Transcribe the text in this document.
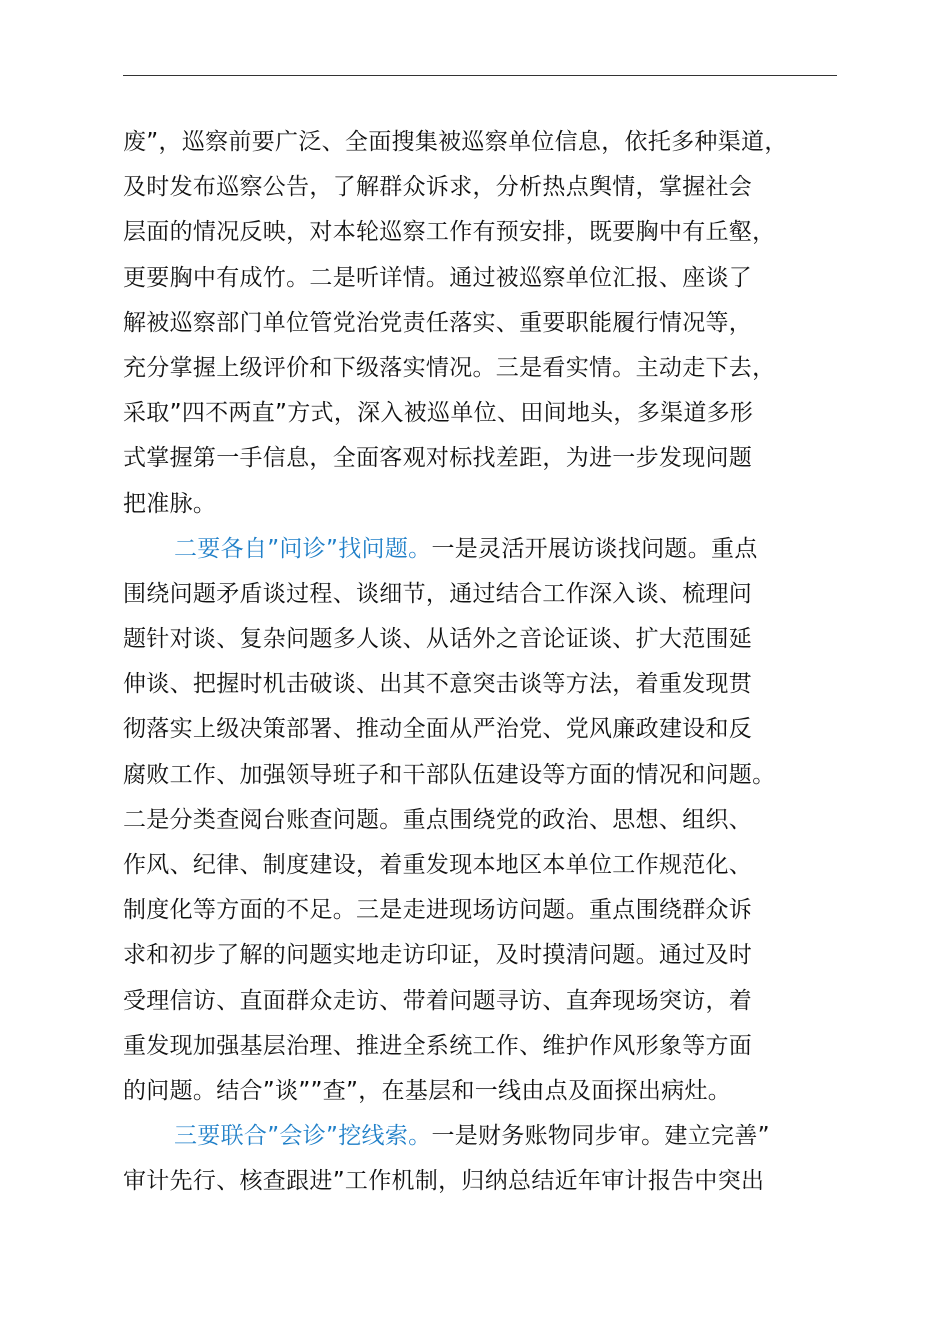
废”，巡察前要广泛、全面搜集被巡察单位信息，依托多种渠道，
及时发布巡察公告，了解群众诉求，分析热点舆情，掌握社会
层面的情况反映，对本轮巡察工作有预安排，既要胸中有丘壑，
更要胸中有成竹。二是听详情。通过被巡察单位汇报、座谈了
解被巡察部门单位管党治党责任落实、重要职能履行情况等，
充分掌握上级评价和下级落实情况。三是看实情。主动走下去，
采取”四不两直”方式，深入被巡单位、田间地头，多渠道多形
式掌握第一手信息，全面客观对标找差距，为进一步发现问题
把准脉。
二要各自”问诊”找问题。一是灵活开展访谈找问题。重点
围绕问题矛盾谈过程、谈细节，通过结合工作深入谈、梳理问
题针对谈、复杂问题多人谈、从话外之音论证谈、扩大范围延
伸谈、把握时机击破谈、出其不意突击谈等方法，着重发现贯
彻落实上级决策部署、推动全面从严治党、党风廉政建设和反
腐败工作、加强领导班子和干部队伍建设等方面的情况和问题。
二是分类查阅台账查问题。重点围绕党的政治、思想、组织、
作风、纪律、制度建设，着重发现本地区本单位工作规范化、
制度化等方面的不足。三是走进现场访问题。重点围绕群众诉
求和初步了解的问题实地走访印证，及时摸清问题。通过及时
受理信访、直面群众走访、带着问题寻访、直奔现场突访，着
重发现加强基层治理、推进全系统工作、维护作风形象等方面
的问题。结合”谈””查”，在基层和一线由点及面探出病灶。
三要联合”会诊”挖线索。一是财务账物同步审。建立完善”
审计先行、核查跟进”工作机制，归纳总结近年审计报告中突出
